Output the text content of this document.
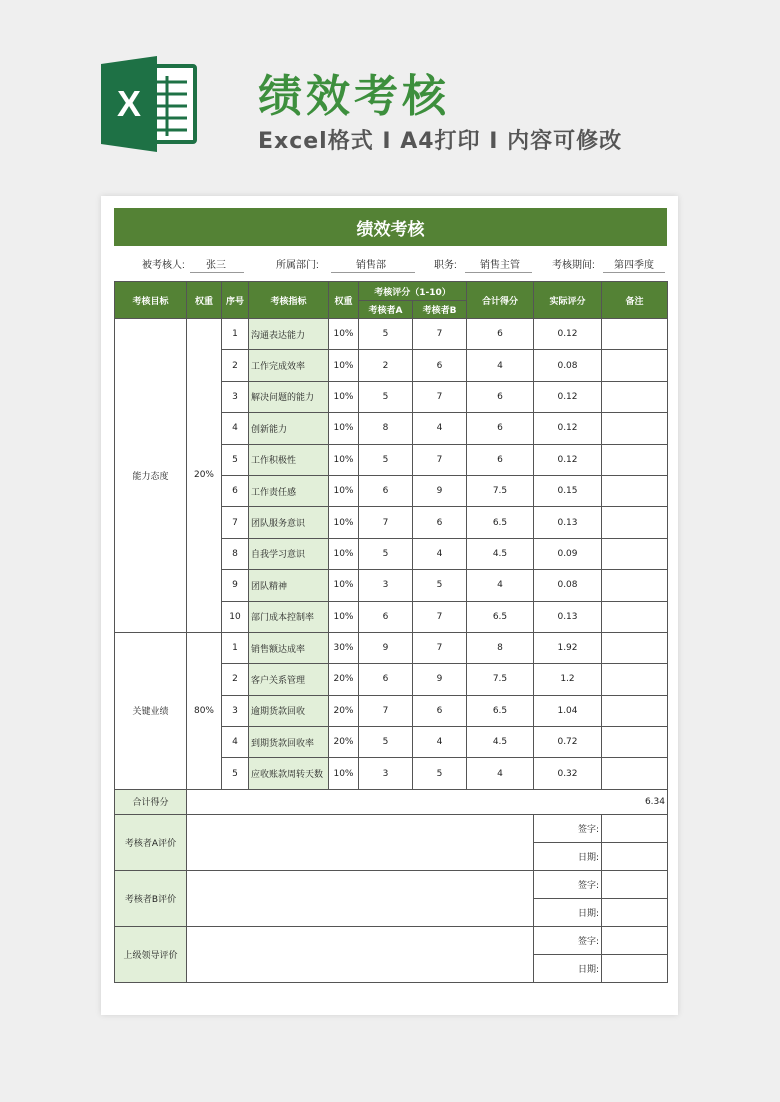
X	绩效考核
Excel格式 I A4打印 I 内容可修改
绩效考核
被考核人: 张三	所属部门:	销售部	职务: 销售主管	考核期间: 第四季度
考核目标	权重	序号	考核指标	权重	考核评分（1-10）		合计得分	实际评分	备注
					考核者A	考核者B			
能力态度	20%	1	沟通表达能力	10%	5	7	6	0.12	
		2	工作完成效率	10%	2	6	4	0.08	
		3	解决问题的能力	10%	5	7	6	0.12	
		4	创新能力	10%	8	4	6	0.12	
		5	工作积极性	10%	5	7	6	0.12	
		6	工作责任感	10%	6	9	7.5	0.15	
		7	团队服务意识	10%	7	6	6.5	0.13	
		8	自我学习意识	10%	5	4	4.5	0.09	
		9	团队精神	10%	3	5	4	0.08	
		10	部门成本控制率	10%	6	7	6.5	0.13	
关键业绩	80%	1	销售额达成率	30%	9	7	8	1.92	
		2	客户关系管理	20%	6	9	7.5	1.2	
		3	逾期货款回收	20%	7	6	6.5	1.04	
		4	到期货款回收率	20%	5	4	4.5	0.72	
		5	应收账款周转天数	10%	3	5	4	0.32	
合计得分	6.34								
考核者A评价								签字:	
								日期:	
考核者B评价								签字:	
								日期:	
上级领导评价								签字:	
								日期:	
